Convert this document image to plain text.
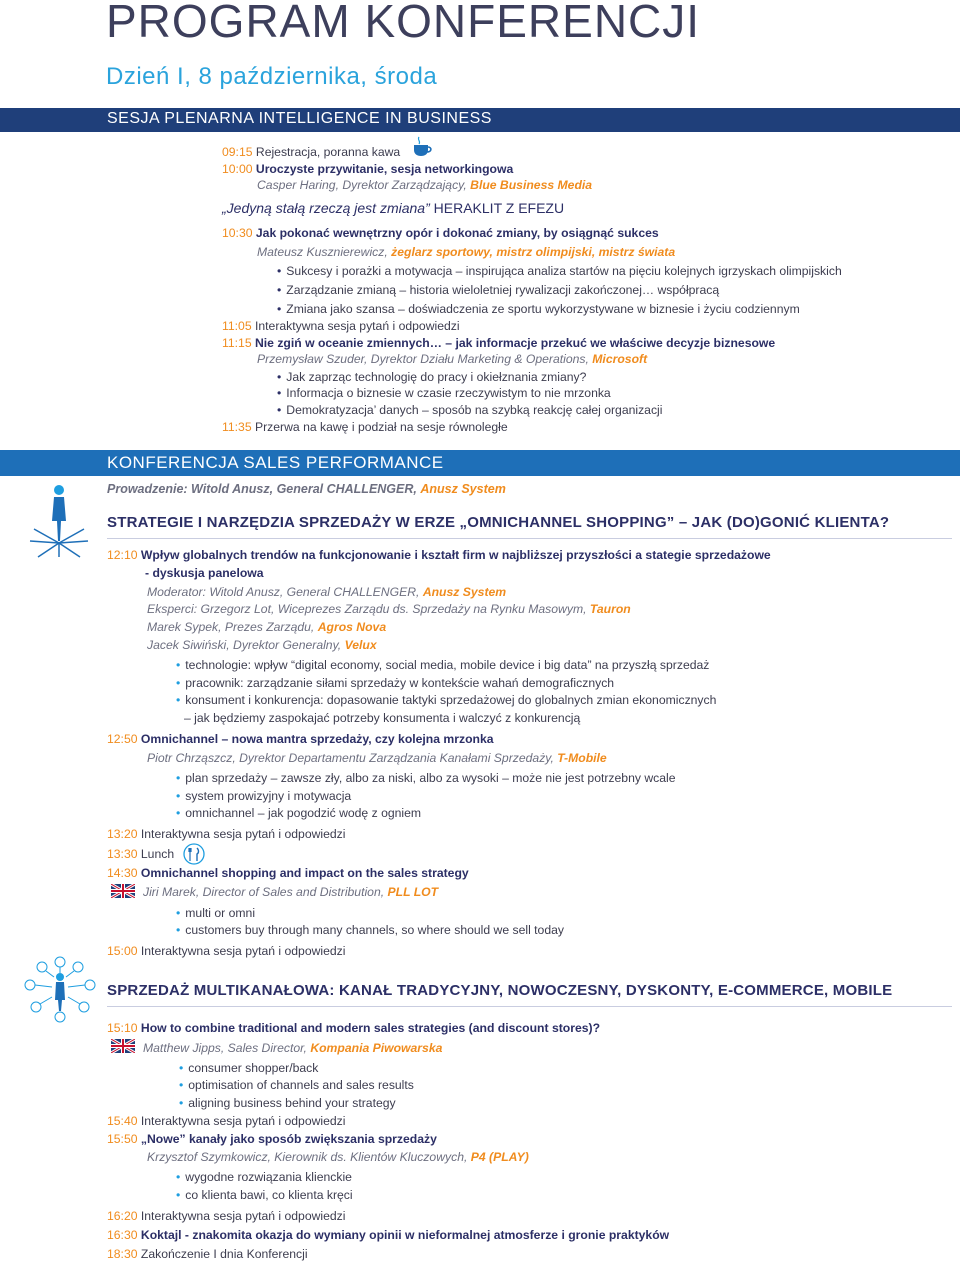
PROGRAM KONFERENCJI
Dzień I, 8 października, środa
SESJA PLENARNA INTELLIGENCE IN BUSINESS
09:15 Rejestracja, poranna kawa
10:00 Uroczyste przywitanie, sesja networkingowa
Casper Haring, Dyrektor Zarządzający, Blue Business Media
„Jedyną stałą rzeczą jest zmiana” HERAKLIT Z EFEZU
10:30 Jak pokonać wewnętrzny opór i dokonać zmiany, by osiągnąć sukces
Mateusz Kusznierewicz, żeglarz sportowy, mistrz olimpijski, mistrz świata
• Sukcesy i porażki a motywacja – inspirująca analiza startów na pięciu kolejnych igrzyskach olimpijskich
• Zarządzanie zmianą – historia wieloletniej rywalizacji zakończonej… współpracą
• Zmiana jako szansa – doświadczenia ze sportu wykorzystywane w biznesie i życiu codziennym
11:05 Interaktywna sesja pytań i odpowiedzi
11:15 Nie zgiń w oceanie zmiennych… – jak informacje przekuć we właściwe decyzje biznesowe
Przemysław Szuder, Dyrektor Działu Marketing & Operations, Microsoft
• Jak zaprząc technologię do pracy i okiełznania zmiany?
• Informacja o biznesie w czasie rzeczywistym to nie mrzonka
• Demokratyzacja’ danych – sposób na szybką reakcję całej organizacji
11:35 Przerwa na kawę i podział na sesje równoległe
KONFERENCJA SALES PERFORMANCE
Prowadzenie: Witold Anusz, General CHALLENGER, Anusz System
STRATEGIE I NARZĘDZIA SPRZEDAŻY W ERZE „OMNICHANNEL SHOPPING” – JAK (DO)GONIĆ KLIENTA?
12:10 Wpływ globalnych trendów na funkcjonowanie i kształt firm w najbliższej przyszłości a stategie sprzedażowe
- dyskusja panelowa
Moderator: Witold Anusz, General CHALLENGER, Anusz System
Eksperci: Grzegorz Lot, Wiceprezes Zarządu ds. Sprzedaży na Rynku Masowym, Tauron
Marek Sypek, Prezes Zarządu, Agros Nova
Jacek Siwiński, Dyrektor Generalny, Velux
• technologie: wpływ “digital economy, social media, mobile device i big data” na przyszłą sprzedaż
• pracownik: zarządzanie siłami sprzedaży w kontekście wahań demograficznych
• konsument i konkurencja: dopasowanie taktyki sprzedażowej do globalnych zmian ekonomicznych
– jak będziemy zaspokajać potrzeby konsumenta i walczyć z konkurencją
12:50 Omnichannel – nowa mantra sprzedaży, czy kolejna mrzonka
Piotr Chrząszcz, Dyrektor Departamentu Zarządzania Kanałami Sprzedaży, T-Mobile
• plan sprzedaży – zawsze zły, albo za niski, albo za wysoki – może nie jest potrzebny wcale
• system prowizyjny i motywacja
• omnichannel – jak pogodzić wodę z ogniem
13:20 Interaktywna sesja pytań i odpowiedzi
13:30 Lunch
14:30 Omnichannel shopping and impact on the sales strategy
Jiri Marek, Director of Sales and Distribution, PLL LOT
• multi or omni
• customers buy through many channels, so where should we sell today
15:00 Interaktywna sesja pytań i odpowiedzi
SPRZEDAŻ MULTIKANAŁOWA: KANAŁ TRADYCYJNY, NOWOCZESNY, DYSKONTY, E-COMMERCE, MOBILE
15:10 How to combine traditional and modern sales strategies (and discount stores)?
Matthew Jipps, Sales Director, Kompania Piwowarska
• consumer shopper/back
• optimisation of channels and sales results
• aligning business behind your strategy
15:40 Interaktywna sesja pytań i odpowiedzi
15:50 „Nowe” kanały jako sposób zwiększania sprzedaży
Krzysztof Szymkowicz, Kierownik ds. Klientów Kluczowych, P4 (PLAY)
• wygodne rozwiązania klienckie
• co klienta bawi, co klienta kręci
16:20 Interaktywna sesja pytań i odpowiedzi
16:30 Koktajl - znakomita okazja do wymiany opinii w nieformalnej atmosferze i gronie praktyków
18:30 Zakończenie I dnia Konferencji
